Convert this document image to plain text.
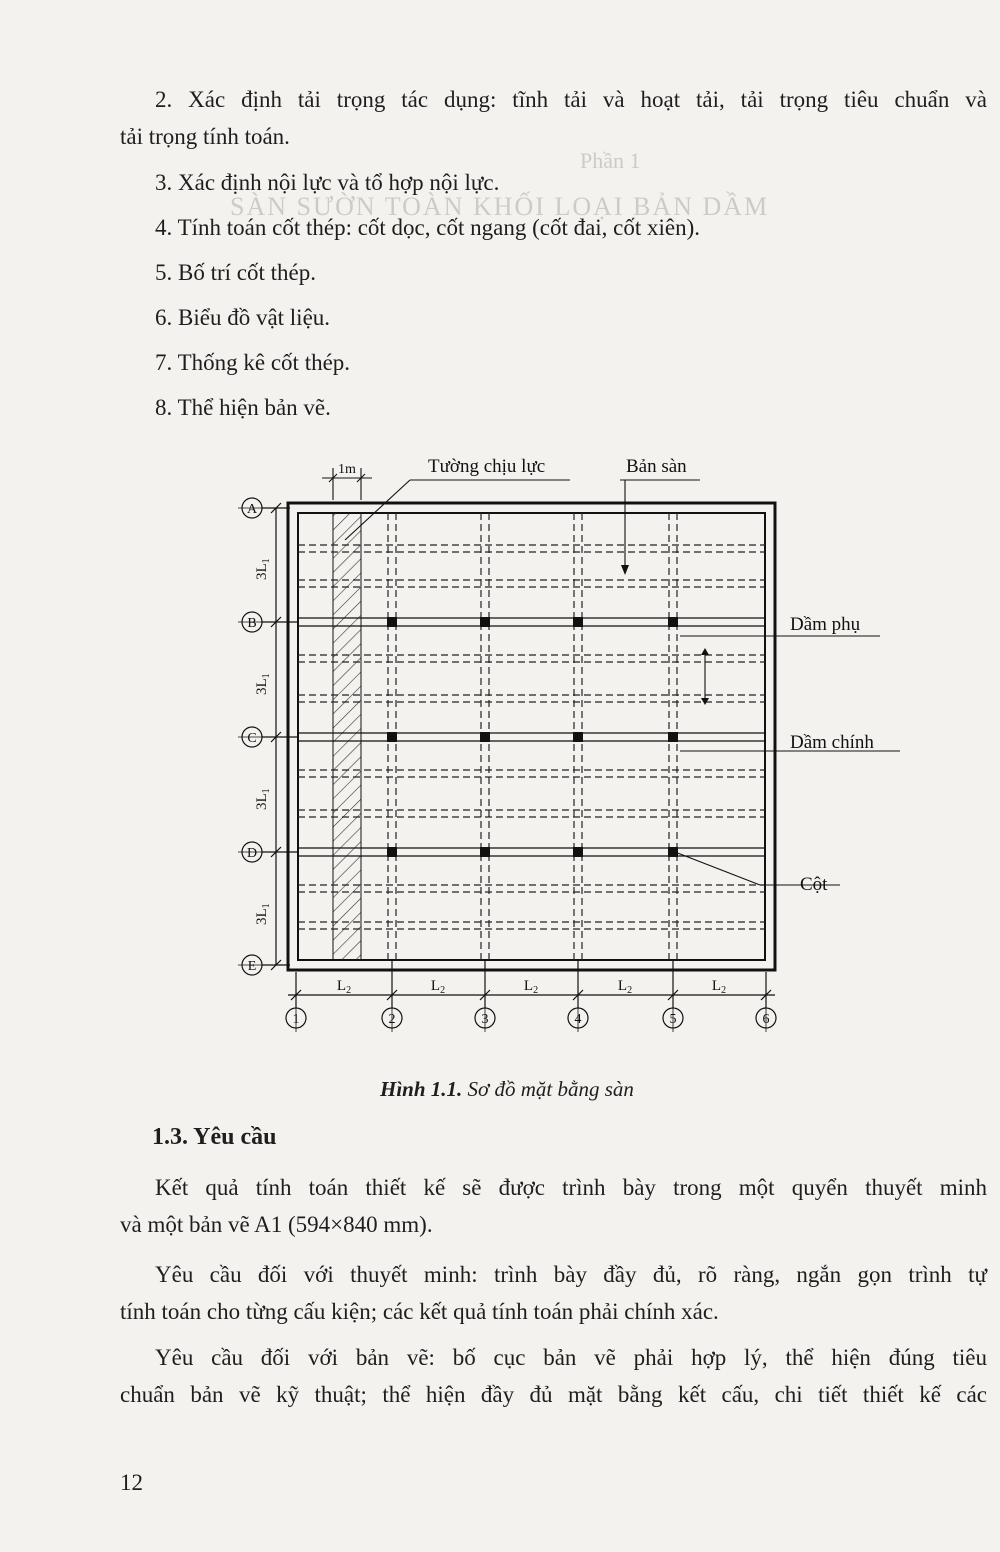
Phần 1
SÀN SƯỜN TOÀN KHỐI LOẠI BẢN DẦM
2. Xác định tải trọng tác dụng: tĩnh tải và hoạt tải, tải trọng tiêu chuẩn và
tải trọng tính toán.
3. Xác định nội lực và tổ hợp nội lực.
4. Tính toán cốt thép: cốt dọc, cốt ngang (cốt đai, cốt xiên).
5. Bố trí cốt thép.
6. Biểu đồ vật liệu.
7. Thống kê cốt thép.
8. Thể hiện bản vẽ.
A
B
C
D
E
$3L_1$
$3L_1$
$3L_1$
$3L_1$
1	2	3	4	5	6
$L_2$	$L_2$	$L_2$	$L_2$	$L_2$
1m	Tường chịu lực	Bản sàn
Dầm phụ
Dầm chính
Cột
Hình 1.1. Sơ đồ mặt bằng sàn
1.3. Yêu cầu
Kết quả tính toán thiết kế sẽ được trình bày trong một quyển thuyết minh
và một bản vẽ A1 (594×840 mm).
Yêu cầu đối với thuyết minh: trình bày đầy đủ, rõ ràng, ngắn gọn trình tự
tính toán cho từng cấu kiện; các kết quả tính toán phải chính xác.
Yêu cầu đối với bản vẽ: bố cục bản vẽ phải hợp lý, thể hiện đúng tiêu
chuẩn bản vẽ kỹ thuật; thể hiện đầy đủ mặt bằng kết cấu, chi tiết thiết kế các
12
